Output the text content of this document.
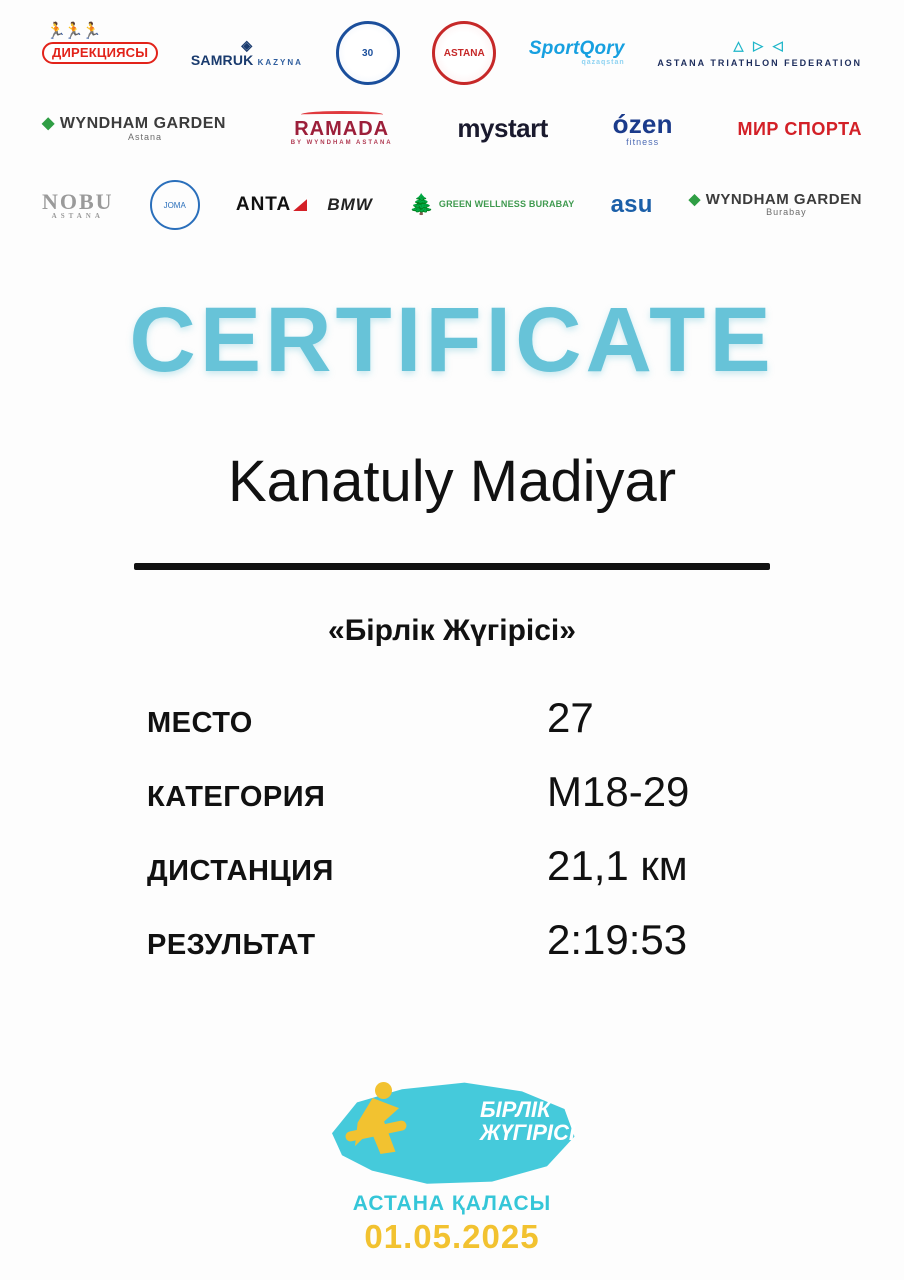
🏃🏃🏃
ДИРЕКЦИЯСЫ	◈
SAMRUK KAZYNA
30	ASTANA SportQory
qazaqstan
△ ▷ ◁
ASTANA TRIATHLON FEDERATION
◆ WYNDHAM GARDEN
Astana	RAMADA
BY WYNDHAM ASTANA mystart ózen
fitness
МИР СПОРТА
NOBU
ASTANA
JOMA	ANTA BMW 🌲 GREEN WELLNESS BURABAY asu ◆ WYNDHAM GARDEN
Burabay
CERTIFICATE
Kanatuly Madiyar
«Бірлік Жүгірісі»
МЕСТО	27
КАТЕГОРИЯ	M18-29
ДИСТАНЦИЯ	21,1 км
РЕЗУЛЬТАТ	2:19:53
БІРЛІК
ЖҮГІРІСІ
АСТАНА ҚАЛАСЫ
01.05.2025
